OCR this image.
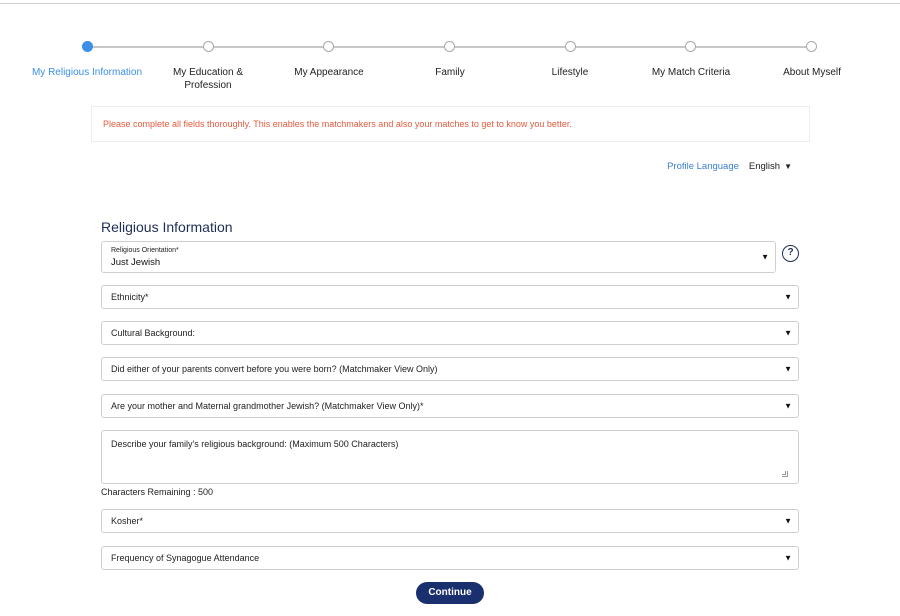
My Religious Information	My Education & Profession
My Appearance	Family	Lifestyle	My Match Criteria	About Myself
Please complete all fields thoroughly. This enables the matchmakers and also your matches to get to know you better.
Profile Language English ▼
Religious Information
Religious Orientation*
Just Jewish	▼	?
Ethnicity*	▼
Cultural Background:	▼
Did either of your parents convert before you were born? (Matchmaker View Only)	▼
Are your mother and Maternal grandmother Jewish? (Matchmaker View Only)*	▼
Describe your family's religious background: (Maximum 500 Characters)
Characters Remaining : 500
Kosher*	▼
Frequency of Synagogue Attendance	▼
Continue
